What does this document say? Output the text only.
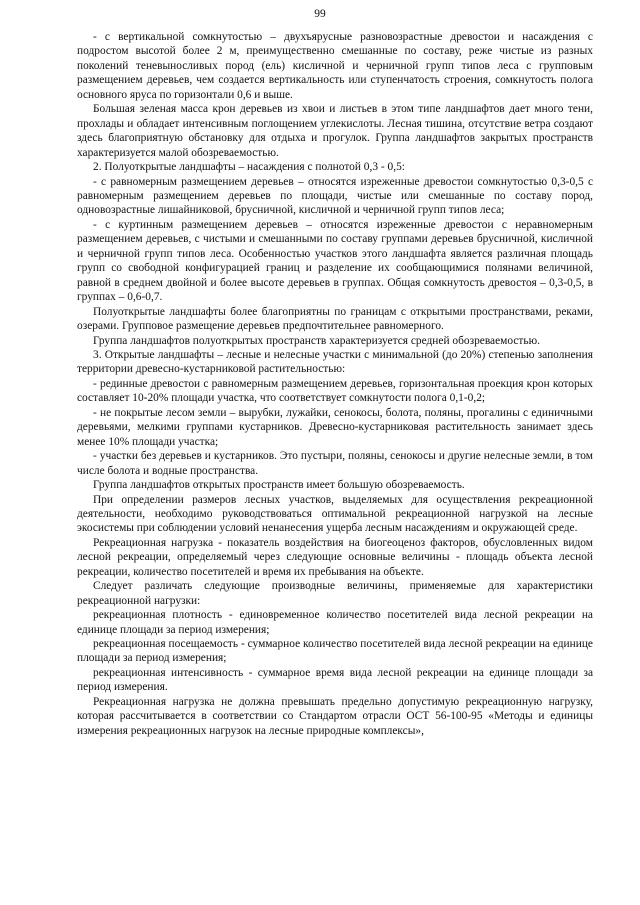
99

- с вертикальной сомкнутостью – двухъярусные разновозрастные древостои и насаждения с подростом высотой более 2 м, преимущественно смешанные по составу, реже чистые из разных поколений теневыносливых пород (ель) кисличной и черничной групп типов леса с групповым размещением деревьев, чем создается вертикальность или ступенчатость строения, сомкнутость полога основного яруса по горизонтали 0,6 и выше.

Большая зеленая масса крон деревьев из хвои и листьев в этом типе ландшафтов дает много тени, прохлады и обладает интенсивным поглощением углекислоты. Лесная тишина, отсутствие ветра создают здесь благоприятную обстановку для отдыха и прогулок. Группа ландшафтов закрытых пространств характеризуется малой обозреваемостью.

2. Полуоткрытые ландшафты – насаждения с полнотой 0,3 - 0,5:

- с равномерным размещением деревьев – относятся изреженные древостои сомкнутостью 0,3-0,5 с равномерным размещением деревьев по площади, чистые или смешанные по составу пород, одновозрастные лишайниковой, брусничной, кисличной и черничной групп типов леса;

- с куртинным размещением деревьев – относятся изреженные древостои с неравномерным размещением деревьев, с чистыми и смешанными по составу группами деревьев брусничной, кисличной и черничной групп типов леса. Особенностью участков этого ландшафта является различная площадь групп со свободной конфигурацией границ и разделение их сообщающимися полянами величиной, равной в среднем двойной и более высоте деревьев в группах. Общая сомкнутость древостоя – 0,3-0,5, в группах – 0,6-0,7.

Полуоткрытые ландшафты более благоприятны по границам с открытыми пространствами, реками, озерами. Групповое размещение деревьев предпочтительнее равномерного.

Группа ландшафтов полуоткрытых пространств характеризуется средней обозреваемостью.

3. Открытые ландшафты – лесные и нелесные участки с минимальной (до 20%) степенью заполнения территории древесно-кустарниковой растительностью:

- рединные древостои с равномерным размещением деревьев, горизонтальная проекция крон которых составляет 10-20% площади участка, что соответствует сомкнутости полога 0,1-0,2;

- не покрытые лесом земли – вырубки, лужайки, сенокосы, болота, поляны, прогалины с единичными деревьями, мелкими группами кустарников. Древесно-кустарниковая растительность занимает здесь менее 10% площади участка;

- участки без деревьев и кустарников. Это пустыри, поляны, сенокосы и другие нелесные земли, в том числе болота и водные пространства.

Группа ландшафтов открытых пространств имеет большую обозреваемость.

При определении размеров лесных участков, выделяемых для осуществления рекреационной деятельности, необходимо руководствоваться оптимальной рекреационной нагрузкой на лесные экосистемы при соблюдении условий ненанесения ущерба лесным насаждениям и окружающей среде.

Рекреационная нагрузка - показатель воздействия на биогеоценоз факторов, обусловленных видом лесной рекреации, определяемый через следующие основные величины - площадь объекта лесной рекреации, количество посетителей и время их пребывания на объекте.

Следует различать следующие производные величины, применяемые для характеристики рекреационной нагрузки:

рекреационная плотность - единовременное количество посетителей вида лесной рекреации на единице площади за период измерения;

рекреационная посещаемость - суммарное количество посетителей вида лесной рекреации на единице площади за период измерения;

рекреационная интенсивность - суммарное время вида лесной рекреации на единице площади за период измерения.

Рекреационная нагрузка не должна превышать предельно допустимую рекреационную нагрузку, которая рассчитывается в соответствии со Стандартом отрасли ОСТ 56-100-95 «Методы и единицы измерения рекреационных нагрузок на лесные природные комплексы»,
